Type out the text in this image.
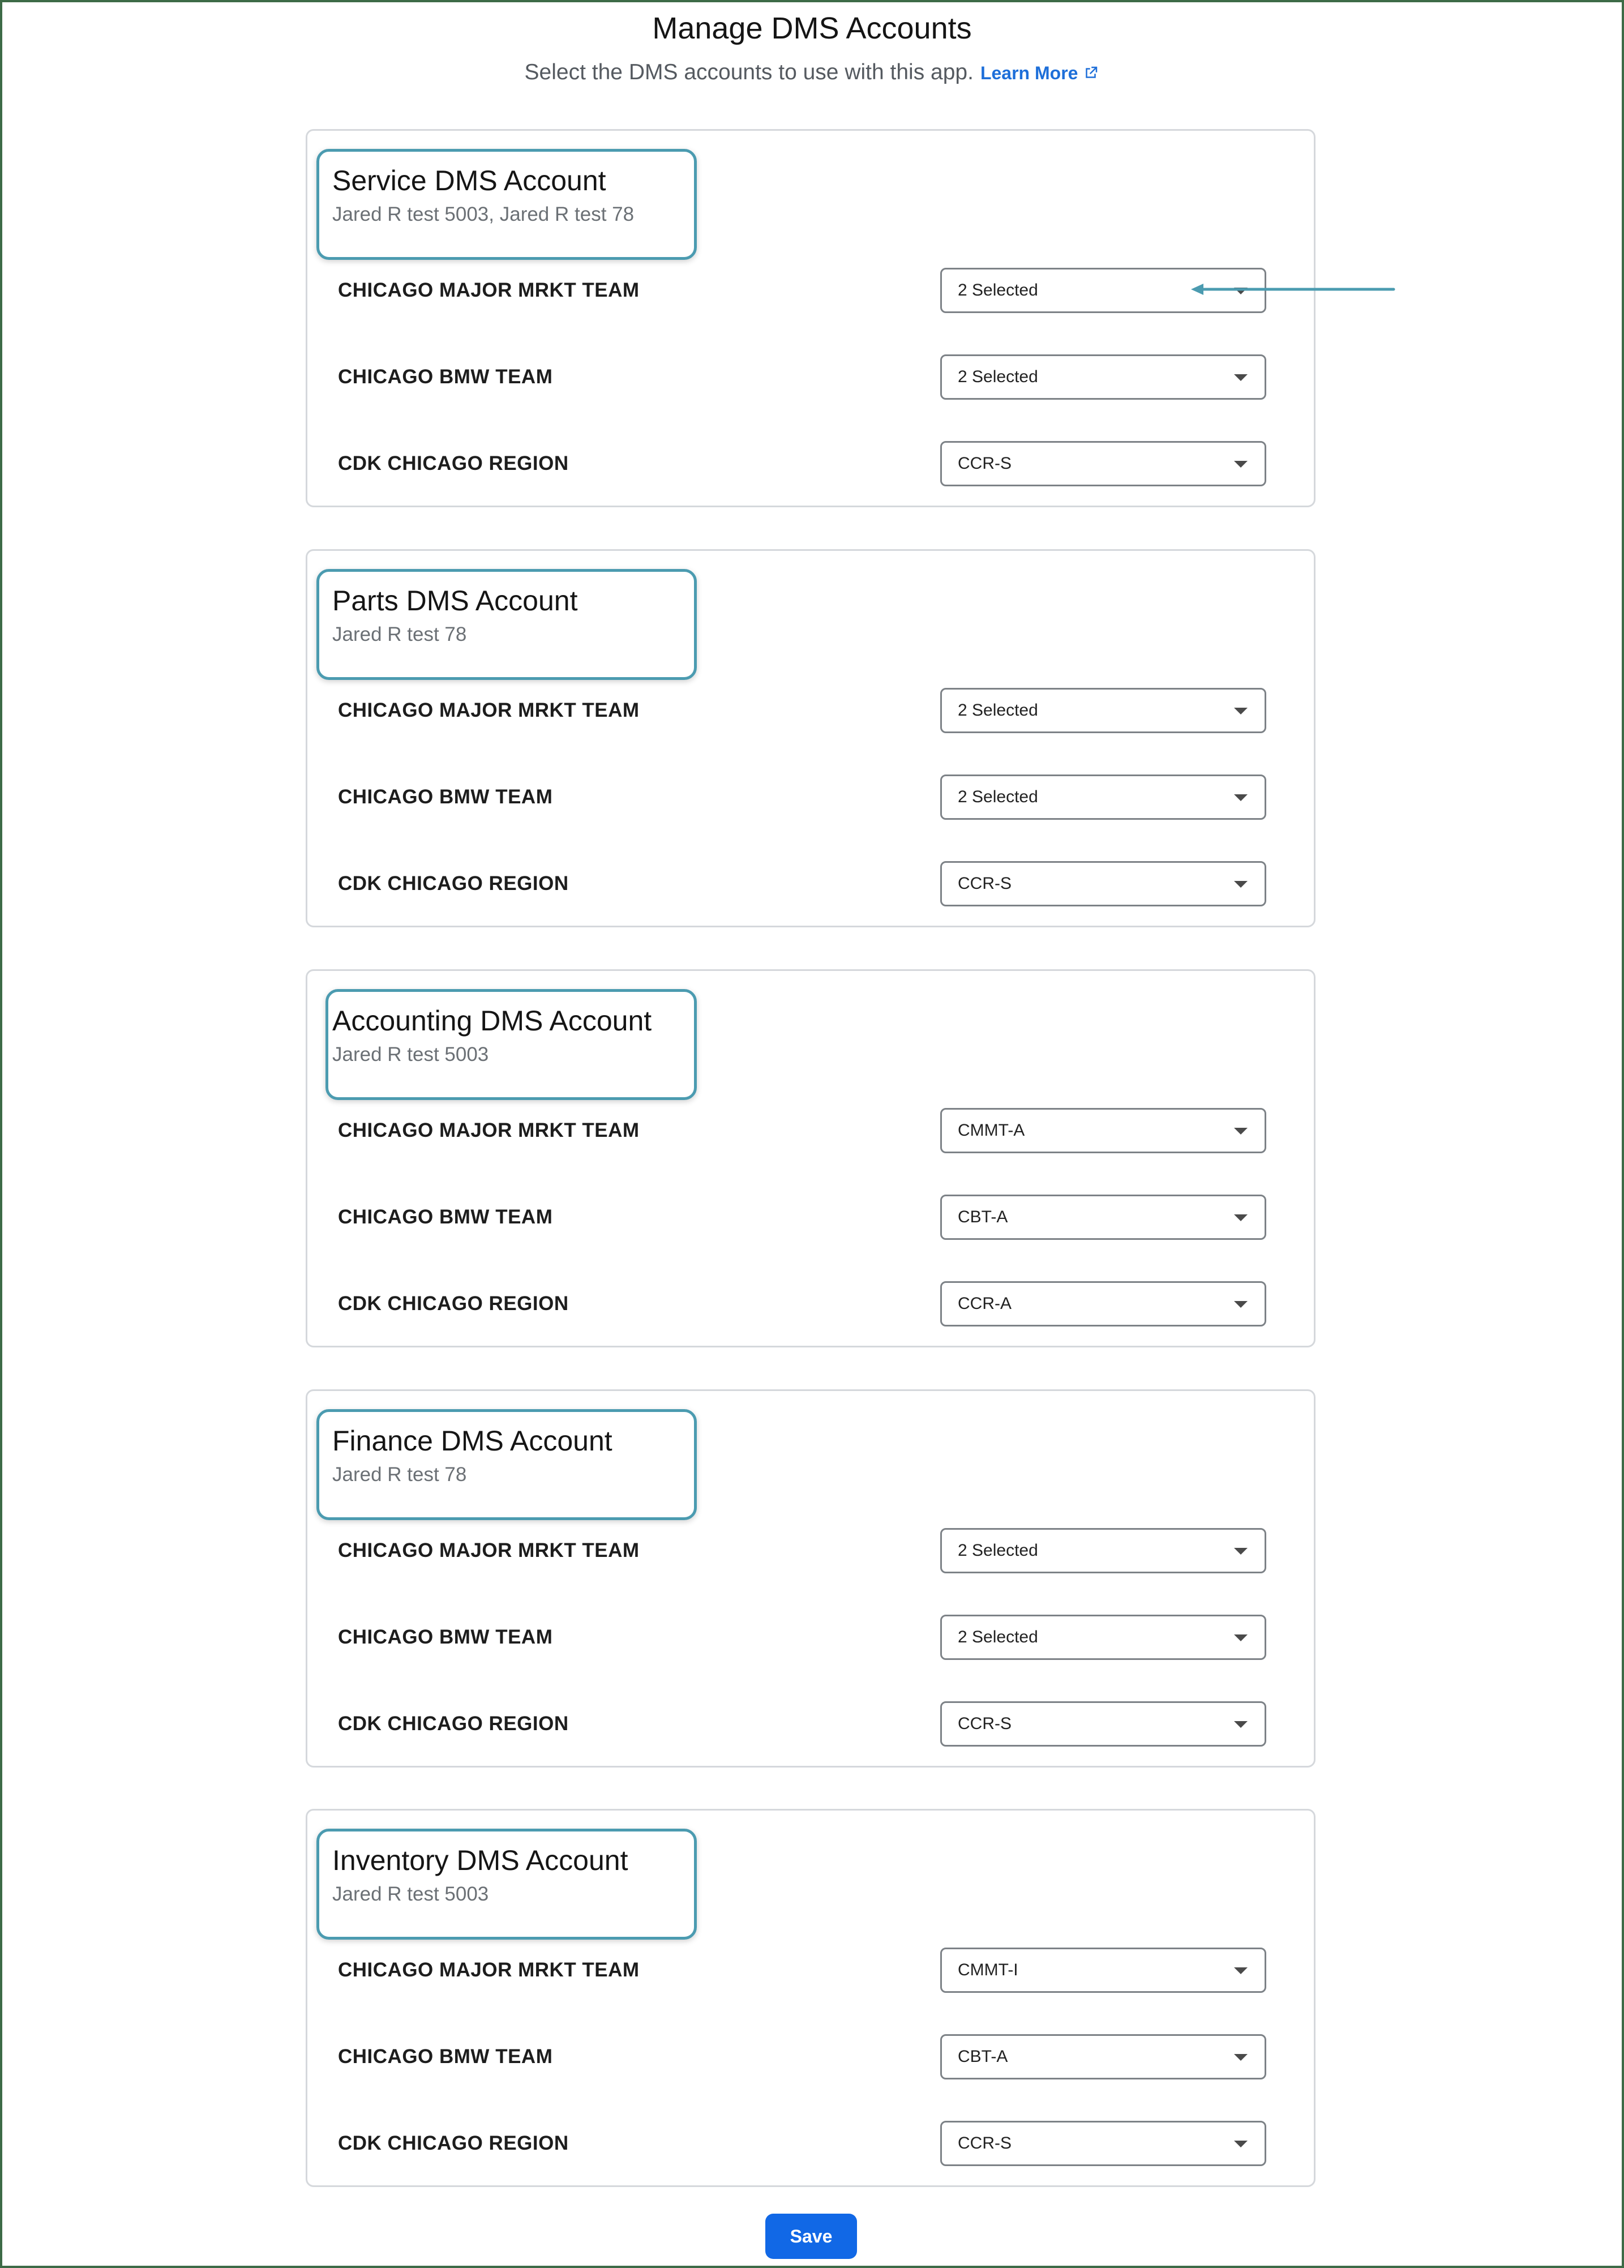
Manage DMS Accounts
Select the DMS accounts to use with this app. Learn More
Service DMS Account
Jared R test 5003, Jared R test 78
CHICAGO MAJOR MRKT TEAM	2 Selected
CHICAGO BMW TEAM	2 Selected
CDK CHICAGO REGION	CCR-S
Parts DMS Account
Jared R test 78
CHICAGO MAJOR MRKT TEAM	2 Selected
CHICAGO BMW TEAM	2 Selected
CDK CHICAGO REGION	CCR-S
Accounting DMS Account
Jared R test 5003
CHICAGO MAJOR MRKT TEAM	CMMT-A
CHICAGO BMW TEAM	CBT-A
CDK CHICAGO REGION	CCR-A
Finance DMS Account
Jared R test 78
CHICAGO MAJOR MRKT TEAM	2 Selected
CHICAGO BMW TEAM	2 Selected
CDK CHICAGO REGION	CCR-S
Inventory DMS Account
Jared R test 5003
CHICAGO MAJOR MRKT TEAM	CMMT-I
CHICAGO BMW TEAM	CBT-A
CDK CHICAGO REGION	CCR-S
Save
